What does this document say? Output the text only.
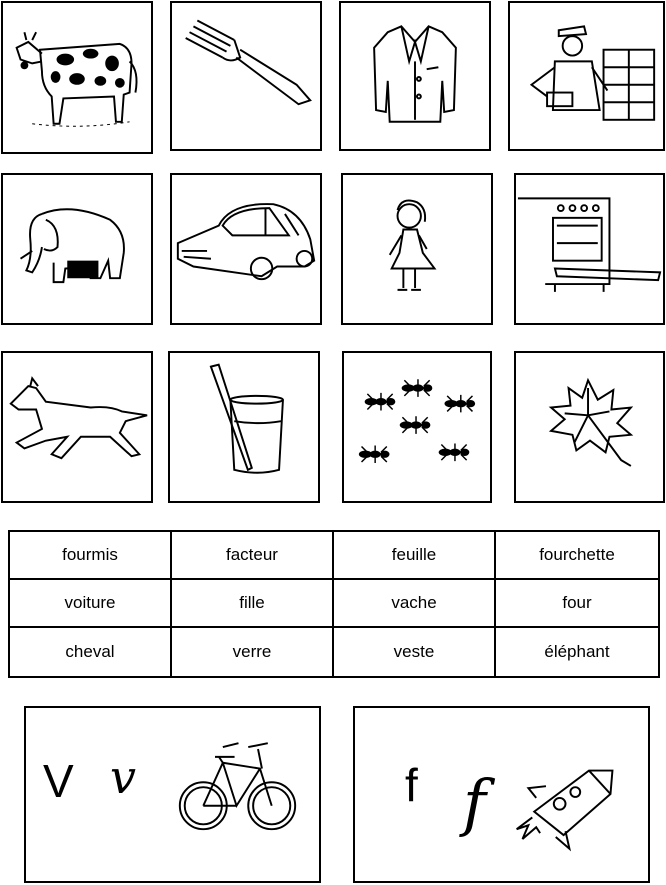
fourmis	facteur	feuille	fourchette
voiture	fille	vache	four
cheval	verre	veste	éléphant
V v	f f
